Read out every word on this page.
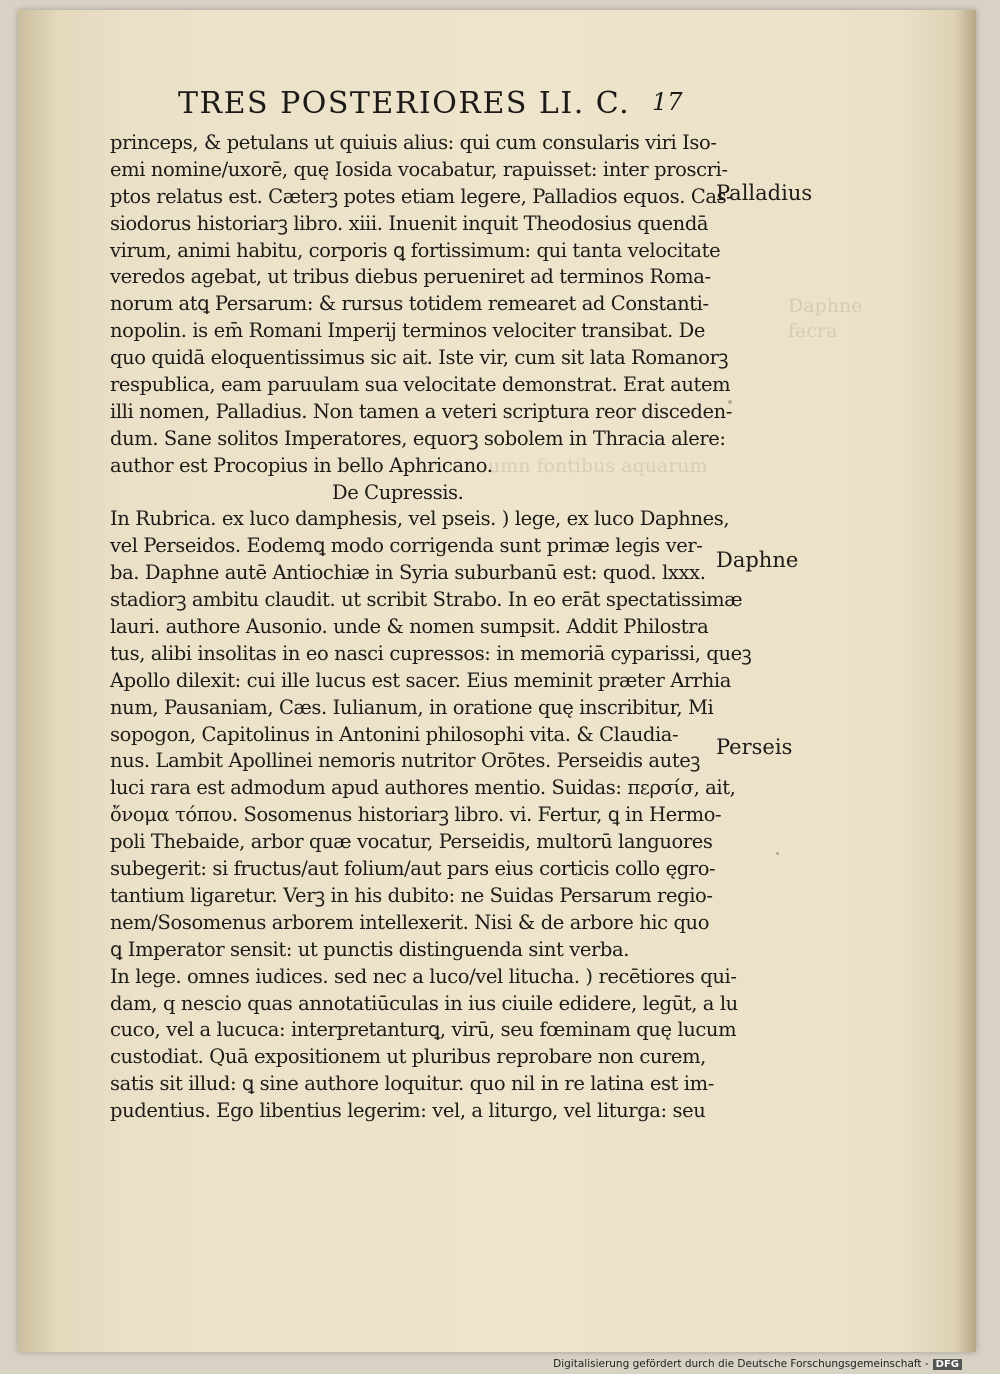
Daphne
facra
umn fontibus aquarum
TRES POSTERIORES LI. C. 17
princeps, & petulans ut quiuis alius: qui cum consularis viri Iso-
emi nomine/uxorē, quę Iosida vocabatur, rapuisset: inter proscri-
ptos relatus est. Cæterꝫ potes etiam legere, Palladios equos. Cas-
siodorus historiarꝫ libro. xiii. Inuenit inquit Theodosius quendā
virum, animi habitu, corporis ꝗ fortissimum: qui tanta velocitate
veredos agebat, ut tribus diebus perueniret ad terminos Roma-
norum atꝗ Persarum: & rursus totidem remearet ad Constanti-
nopolin. is em̄ Romani Imperij terminos velociter transibat. De
quo quidā eloquentissimus sic ait. Iste vir, cum sit lata Romanorꝫ
respublica, eam paruulam sua velocitate demonstrat. Erat autem
illi nomen, Palladius. Non tamen a veteri scriptura reor disceden-
dum. Sane solitos Imperatores, equorꝫ sobolem in Thracia alere:
author est Procopius in bello Aphricano.
De Cupressis.
In Rubrica. ex luco damphesis, vel pseis. ) lege, ex luco Daphnes,
vel Perseidos. Eodemꝗ modo corrigenda sunt primæ legis ver-
ba. Daphne autē Antiochiæ in Syria suburbanū est: quod. lxxx.
stadiorꝫ ambitu claudit. ut scribit Strabo. In eo erāt spectatissimæ
lauri. authore Ausonio. unde & nomen sumpsit. Addit Philostra
tus, alibi insolitas in eo nasci cupressos: in memoriā cyparissi, queꝫ
Apollo dilexit: cui ille lucus est sacer. Eius meminit præter Arrhia
num, Pausaniam, Cæs. Iulianum, in oratione quę inscribitur, Mi
sopogon, Capitolinus in Antonini philosophi vita. & Claudia-
nus. Lambit Apollinei nemoris nutritor Orōtes. Perseidis auteꝫ
luci rara est admodum apud authores mentio. Suidas: περσίσ, ait,
ὄνομα τόπου. Sosomenus historiarꝫ libro. vi. Fertur, ꝗ in Hermo-
poli Thebaide, arbor quæ vocatur, Perseidis, multorū languores
subegerit: si fructus/aut folium/aut pars eius corticis collo ęgro-
tantium ligaretur. Verꝫ in his dubito: ne Suidas Persarum regio-
nem/Sosomenus arborem intellexerit. Nisi & de arbore hic quo
ꝗ Imperator sensit: ut punctis distinguenda sint verba.
In lege. omnes iudices. sed nec a luco/vel litucha. ) recētiores qui-
dam, q nescio quas annotatiūculas in ius ciuile edidere, legūt, a lu
cuco, vel a lucuca: interpretanturꝗ, virū, seu fœminam quę lucum
custodiat. Quā expositionem ut pluribus reprobare non curem,
satis sit illud: ꝗ sine authore loquitur. quo nil in re latina est im-
pudentius. Ego libentius legerim: vel, a liturgo, vel liturga: seu
Palladius
Daphne
Perseis
Digitalisierung gefördert durch die Deutsche Forschungsgemeinschaft - DFG
